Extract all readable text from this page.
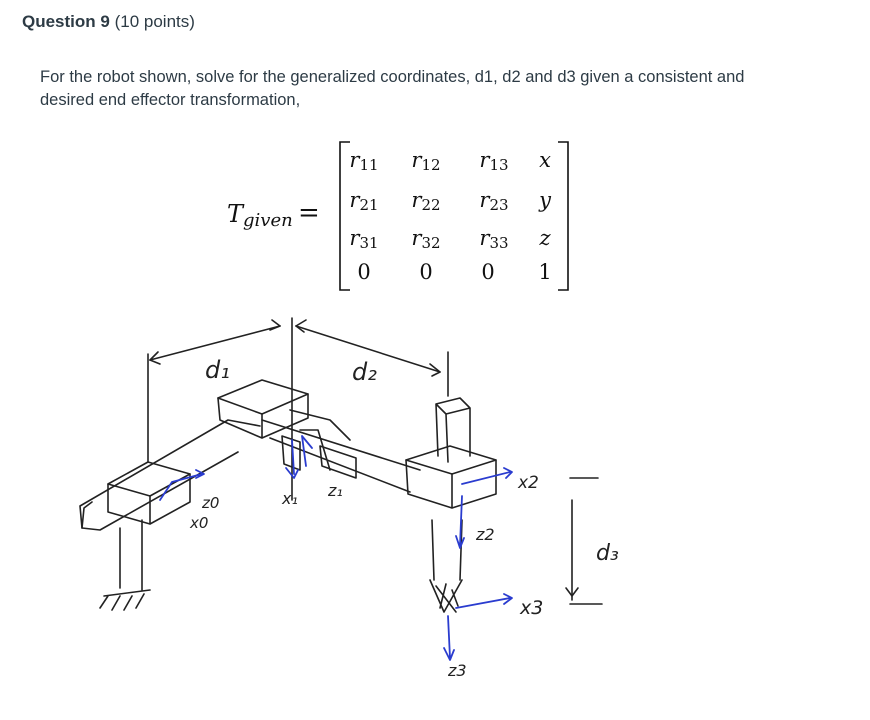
Question 9 (10 points)
For the robot shown, solve for the generalized coordinates, d1, d2 and d3 given a consistent and desired end effector transformation,
T given =
$r_{11}$	$r_{12}$	$r_{13}$	x
$r_{21}$	$r_{22}$	$r_{23}$	y
$r_{31}$	$r_{32}$	$r_{33}$	z
0	0	0	1
d₁	d₂
d₃
z0
x0
x₁ z₁	x2
z2
x3
z3
